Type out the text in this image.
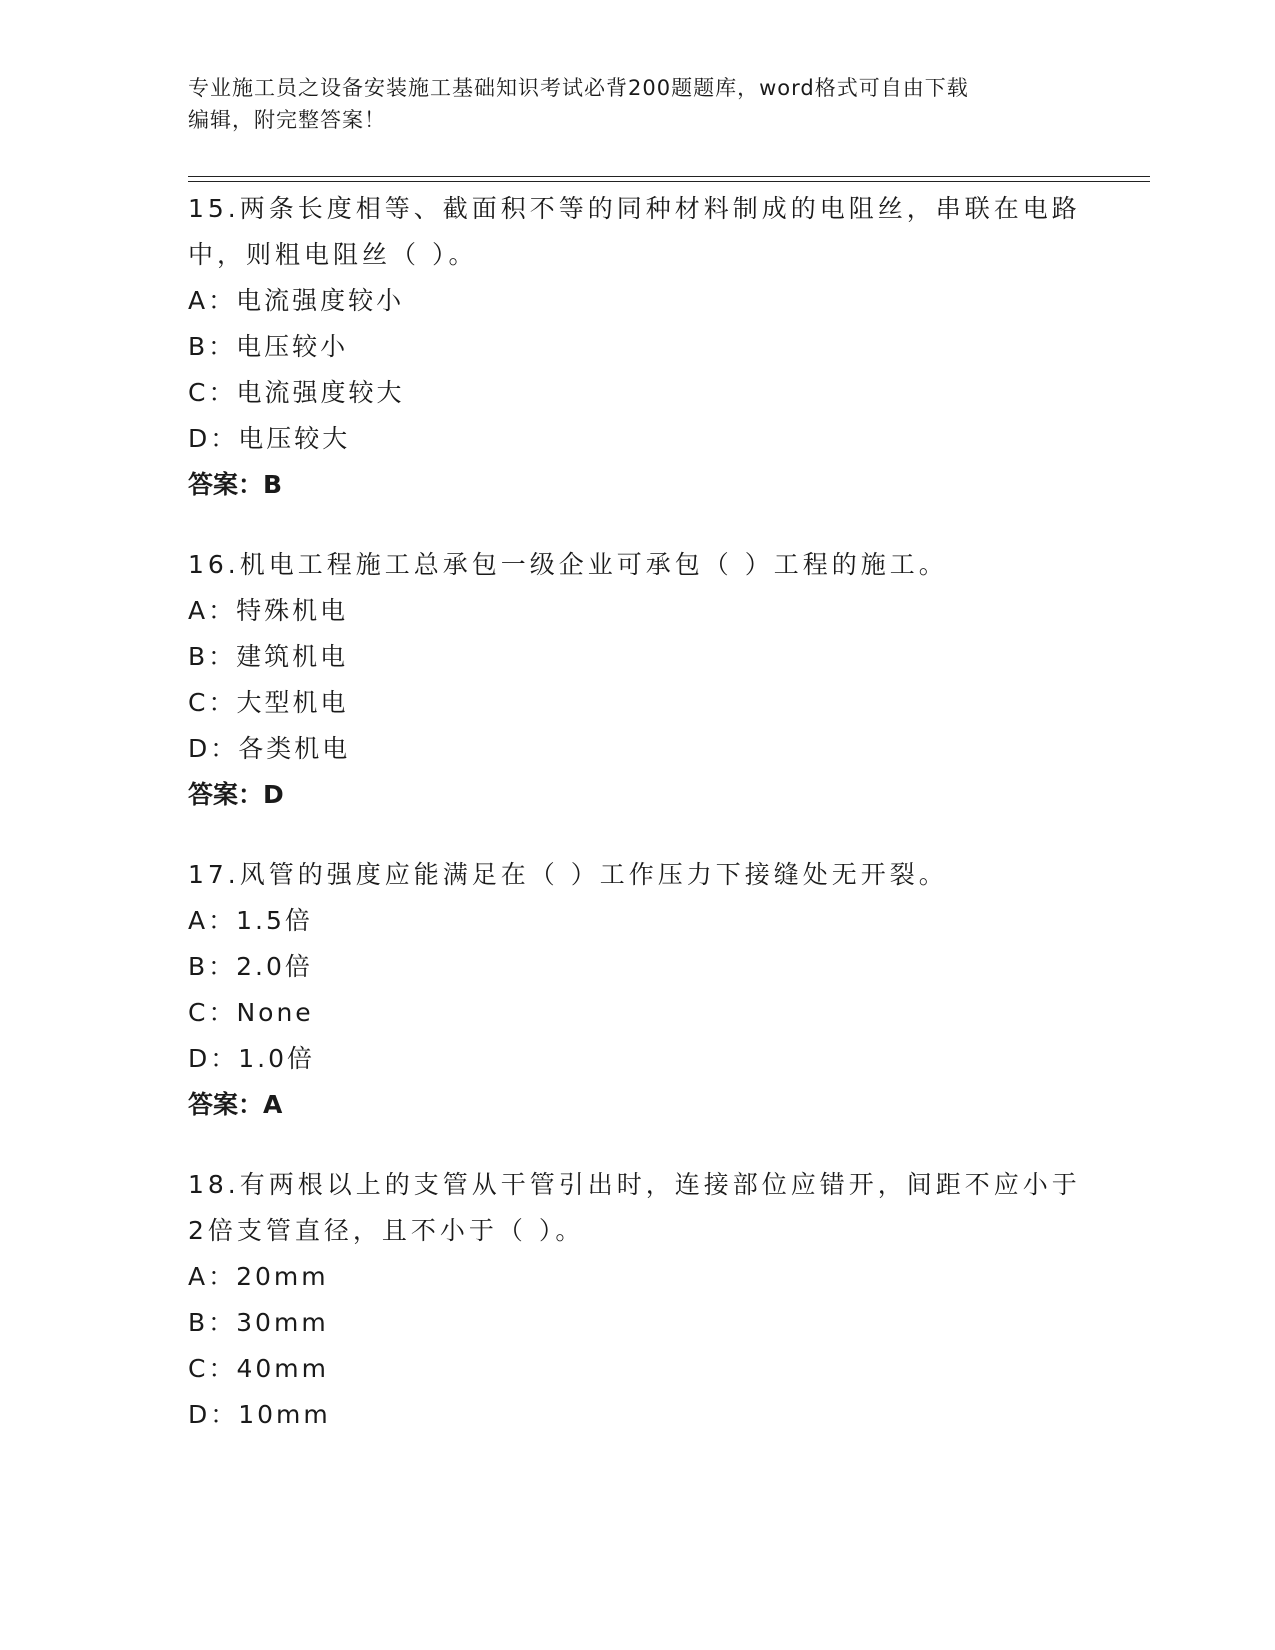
专业施工员之设备安装施工基础知识考试必背200题题库，word格式可自由下载
编辑，附完整答案！
15.两条长度相等、截面积不等的同种材料制成的电阻丝，串联在电路
中，则粗电阻丝（ ）。
A：电流强度较小
B：电压较小
C：电流强度较大
D：电压较大
答案：B
16.机电工程施工总承包一级企业可承包（ ）工程的施工。
A：特殊机电
B：建筑机电
C：大型机电
D：各类机电
答案：D
17.风管的强度应能满足在（ ）工作压力下接缝处无开裂。
A：1.5倍
B：2.0倍
C：None
D：1.0倍
答案：A
18.有两根以上的支管从干管引出时，连接部位应错开，间距不应小于
2倍支管直径，且不小于（ ）。
A：20mm
B：30mm
C：40mm
D：10mm
